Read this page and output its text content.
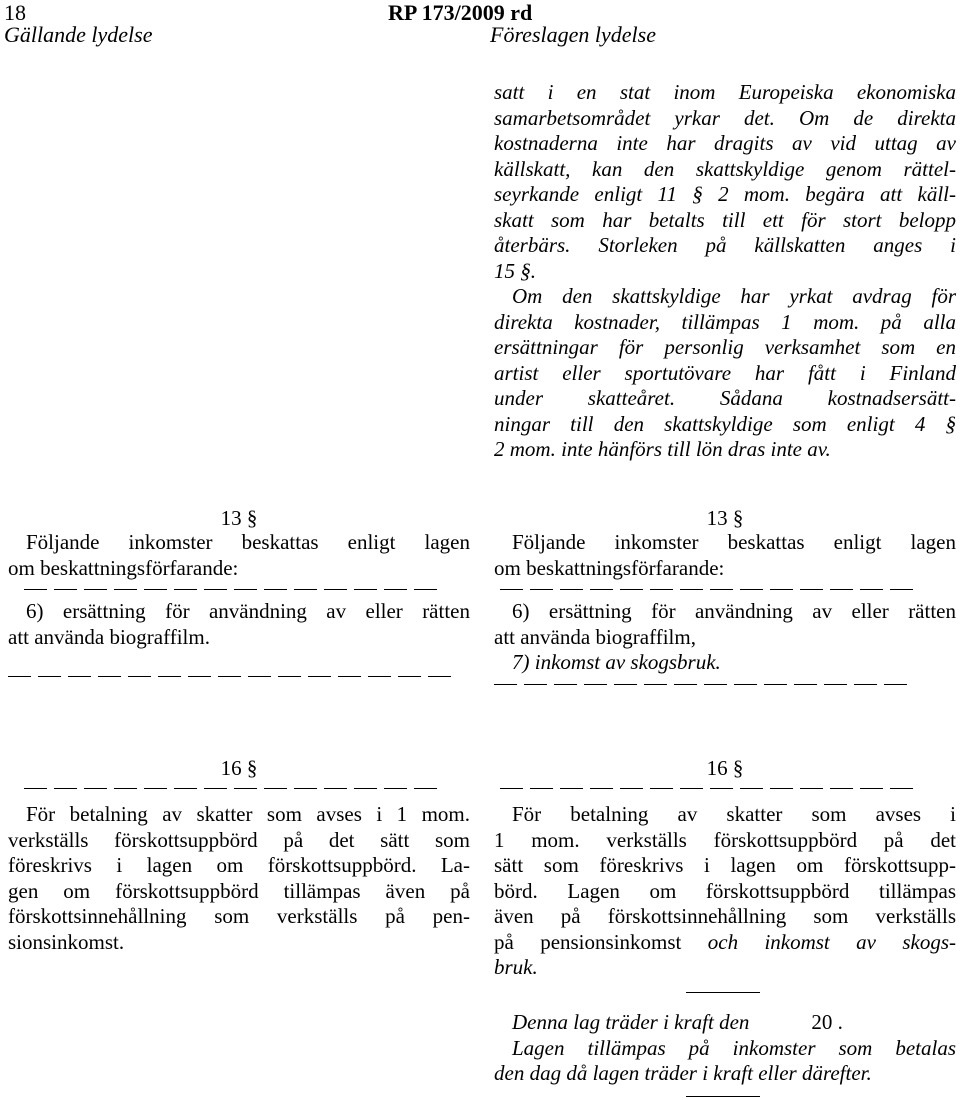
18	RP 173/2009 rd
Gällande lydelse	Föreslagen lydelse
satt i en stat inom Europeiska ekonomiska
samarbetsområdet yrkar det. Om de direkta
kostnaderna inte har dragits av vid uttag av
källskatt, kan den skattskyldige genom rättel-
seyrkande enligt 11 § 2 mom. begära att käll-
skatt som har betalts till ett för stort belopp
återbärs. Storleken på källskatten anges i
15 §.
Om den skattskyldige har yrkat avdrag för
direkta kostnader, tillämpas 1 mom. på alla
ersättningar för personlig verksamhet som en
artist eller sportutövare har fått i Finland
under skatteåret. Sådana kostnadsersätt-
ningar till den skattskyldige som enligt 4 §
2 mom. inte hänförs till lön dras inte av.
13 §
Följande inkomster beskattas enligt lagen
om beskattningsförfarande:
6) ersättning för användning av eller rätten
att använda biograffilm.
13 §
Följande inkomster beskattas enligt lagen
om beskattningsförfarande:
6) ersättning för användning av eller rätten
att använda biograffilm,
7) inkomst av skogsbruk.
16 §
För betalning av skatter som avses i 1 mom.
verkställs förskottsuppbörd på det sätt som
föreskrivs i lagen om förskottsuppbörd. La-
gen om förskottsuppbörd tillämpas även på
förskottsinnehållning som verkställs på pen-
sionsinkomst.
16 §
För betalning av skatter som avses i
1 mom. verkställs förskottsuppbörd på det
sätt som föreskrivs i lagen om förskottsupp-
börd. Lagen om förskottsuppbörd tillämpas
även på förskottsinnehållning som verkställs
på pensionsinkomst och inkomst av skogs-
bruk.
Denna lag träder i kraft den	20 .
Lagen tillämpas på inkomster som betalas
den dag då lagen träder i kraft eller därefter.
